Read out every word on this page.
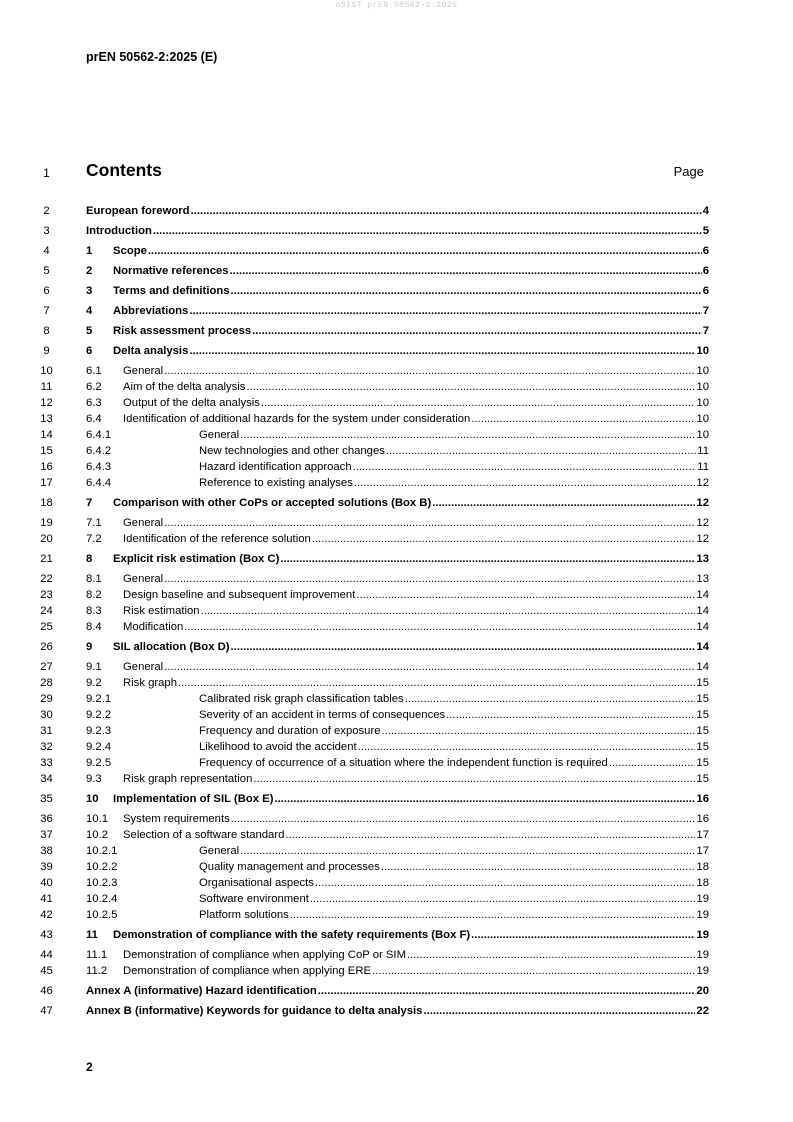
oSIST prEN 50562-2:2025
prEN 50562-2:2025 (E)
1	Contents	Page
2	European foreword .....	4
3	Introduction .....	5
4	1	Scope .....	6
5	2	Normative references .....	6
6	3	Terms and definitions .....	6
7	4	Abbreviations .....	7
8	5	Risk assessment process .....	7
9	6	Delta analysis .....	10
10	6.1	General .....	10
11	6.2	Aim of the delta analysis .....	10
12	6.3	Output of the delta analysis .....	10
13	6.4	Identification of additional hazards for the system under consideration .....	10
14	6.4.1	General .....	10
15	6.4.2	New technologies and other changes .....	11
16	6.4.3	Hazard identification approach .....	11
17	6.4.4	Reference to existing analyses .....	12
18	7	Comparison with other CoPs or accepted solutions (Box B) .....	12
19	7.1	General .....	12
20	7.2	Identification of the reference solution .....	12
21	8	Explicit risk estimation (Box C) .....	13
22	8.1	General .....	13
23	8.2	Design baseline and subsequent improvement .....	14
24	8.3	Risk estimation .....	14
25	8.4	Modification .....	14
26	9	SIL allocation (Box D) .....	14
27	9.1	General .....	14
28	9.2	Risk graph .....	15
29	9.2.1	Calibrated risk graph classification tables .....	15
30	9.2.2	Severity of an accident in terms of consequences .....	15
31	9.2.3	Frequency and duration of exposure .....	15
32	9.2.4	Likelihood to avoid the accident .....	15
33	9.2.5	Frequency of occurrence of a situation where the independent function is required .....	15
34	9.3	Risk graph representation .....	15
35	10	Implementation of SIL (Box E) .....	16
36	10.1	System requirements .....	16
37	10.2	Selection of a software standard .....	17
38	10.2.1	General .....	17
39	10.2.2	Quality management and processes .....	18
40	10.2.3	Organisational aspects .....	18
41	10.2.4	Software environment .....	19
42	10.2.5	Platform solutions .....	19
43	11	Demonstration of compliance with the safety requirements (Box F) .....	19
44	11.1	Demonstration of compliance when applying CoP or SIM .....	19
45	11.2	Demonstration of compliance when applying ERE .....	19
46	Annex A (informative) Hazard identification .....	20
47	Annex B (informative) Keywords for guidance to delta analysis .....	22
2
